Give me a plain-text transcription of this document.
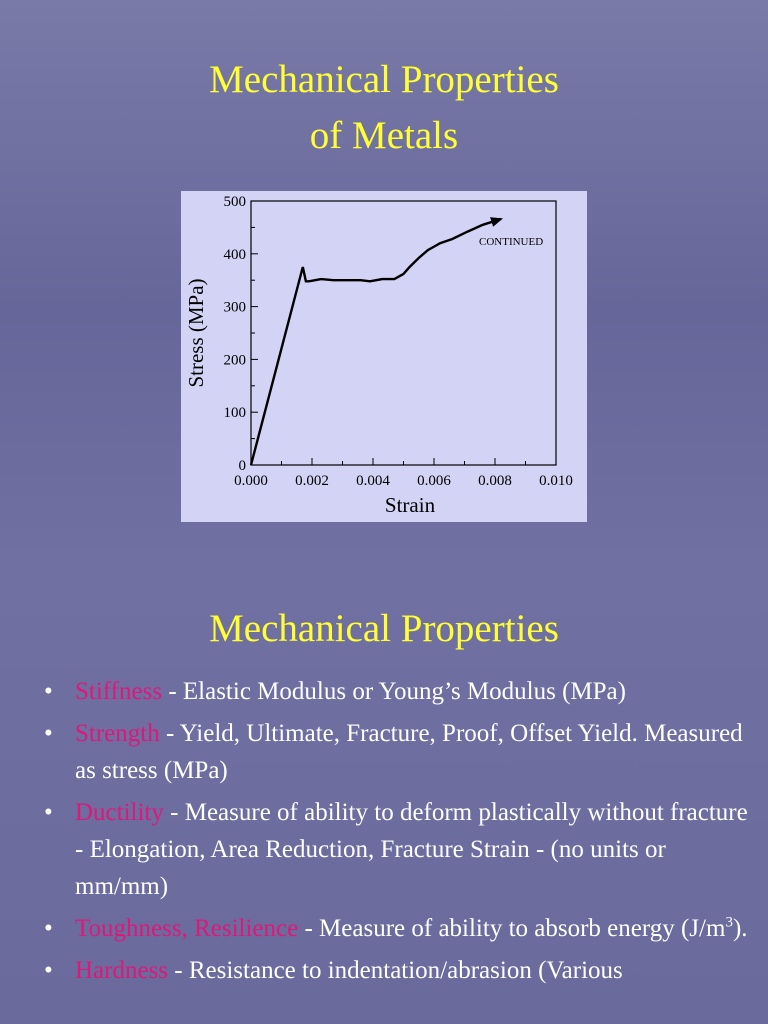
Mechanical Properties
of Metals
0.000 0.002 0.004 0.006 0.008 0.010
0
100
200
300
400
500
Strain
Stress (MPa)
CONTINUED
Mechanical Properties
• Stiffness - Elastic Modulus or Young’s Modulus (MPa)
• Strength - Yield, Ultimate, Fracture, Proof, Offset Yield. Measured as stress (MPa)
• Ductility - Measure of ability to deform plastically without fracture - Elongation, Area Reduction, Fracture Strain - (no units or mm/mm)
• Toughness, Resilience - Measure of ability to absorb energy $(J/m^3)$.
• Hardness - Resistance to indentation/abrasion (Various
